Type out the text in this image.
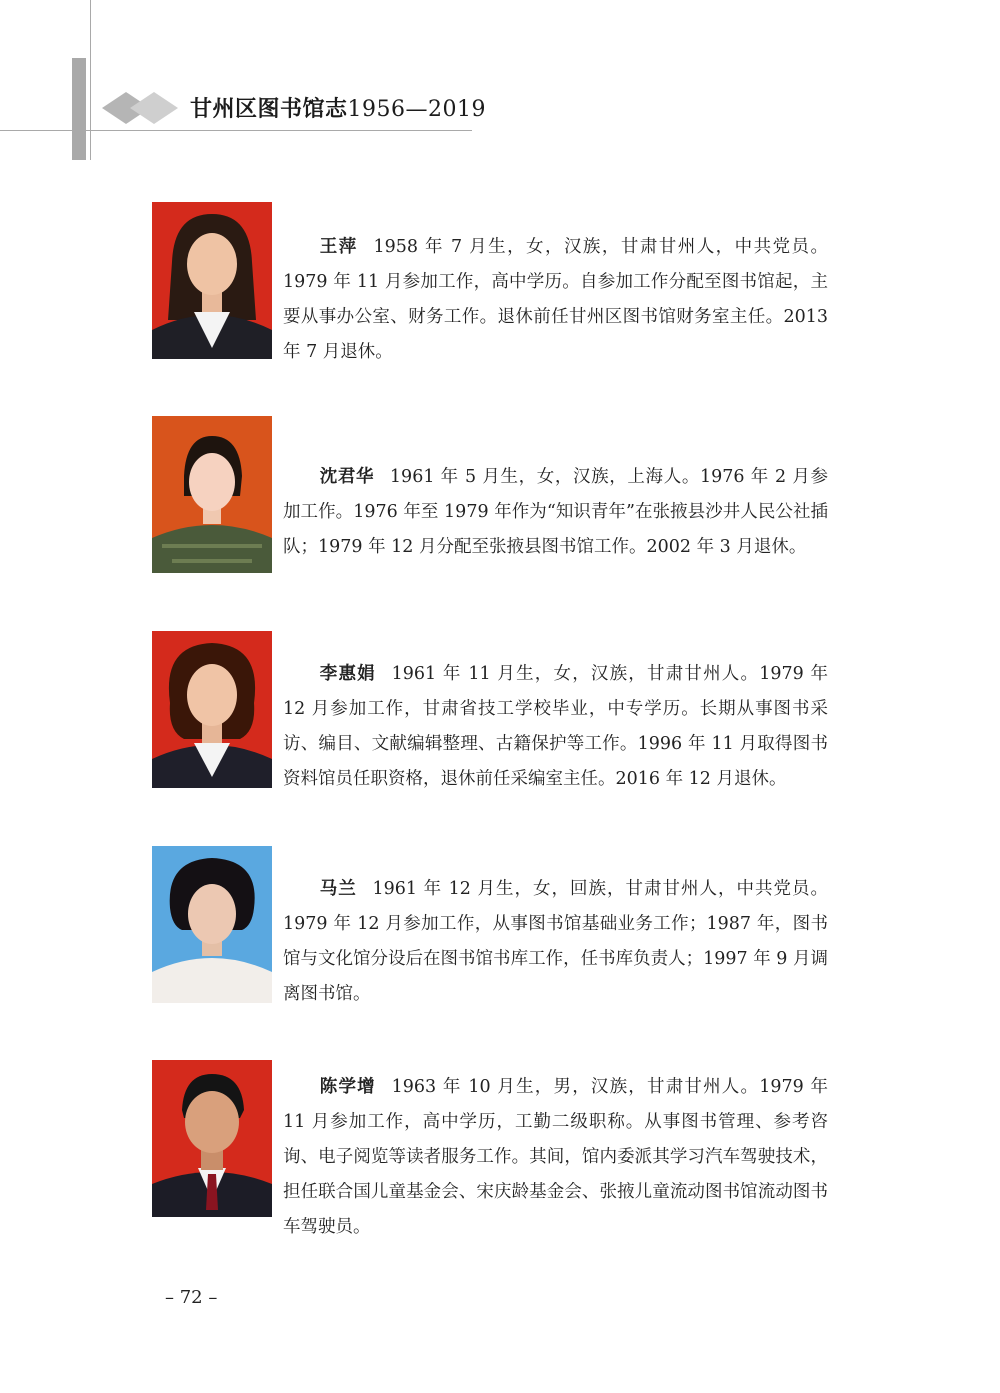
甘州区图书馆志1956—2019

王萍 1958 年 7 月生，女，汉族，甘肃甘州人，中共党员。1979 年 11 月参加工作，高中学历。自参加工作分配至图书馆起，主要从事办公室、财务工作。退休前任甘州区图书馆财务室主任。2013 年 7 月退休。

沈君华 1961 年 5 月生，女，汉族，上海人。1976 年 2 月参加工作。1976 年至 1979 年作为“知识青年”在张掖县沙井人民公社插队；1979 年 12 月分配至张掖县图书馆工作。2002 年 3 月退休。

李惠娟 1961 年 11 月生，女，汉族，甘肃甘州人。1979 年 12 月参加工作，甘肃省技工学校毕业，中专学历。长期从事图书采访、编目、文献编辑整理、古籍保护等工作。1996 年 11 月取得图书资料馆员任职资格，退休前任采编室主任。2016 年 12 月退休。

马兰 1961 年 12 月生，女，回族，甘肃甘州人，中共党员。1979 年 12 月参加工作，从事图书馆基础业务工作；1987 年，图书馆与文化馆分设后在图书馆书库工作，任书库负责人；1997 年 9 月调离图书馆。

陈学增 1963 年 10 月生，男，汉族，甘肃甘州人。1979 年 11 月参加工作，高中学历，工勤二级职称。从事图书管理、参考咨询、电子阅览等读者服务工作。其间，馆内委派其学习汽车驾驶技术，担任联合国儿童基金会、宋庆龄基金会、张掖儿童流动图书馆流动图书车驾驶员。

– 72 –
